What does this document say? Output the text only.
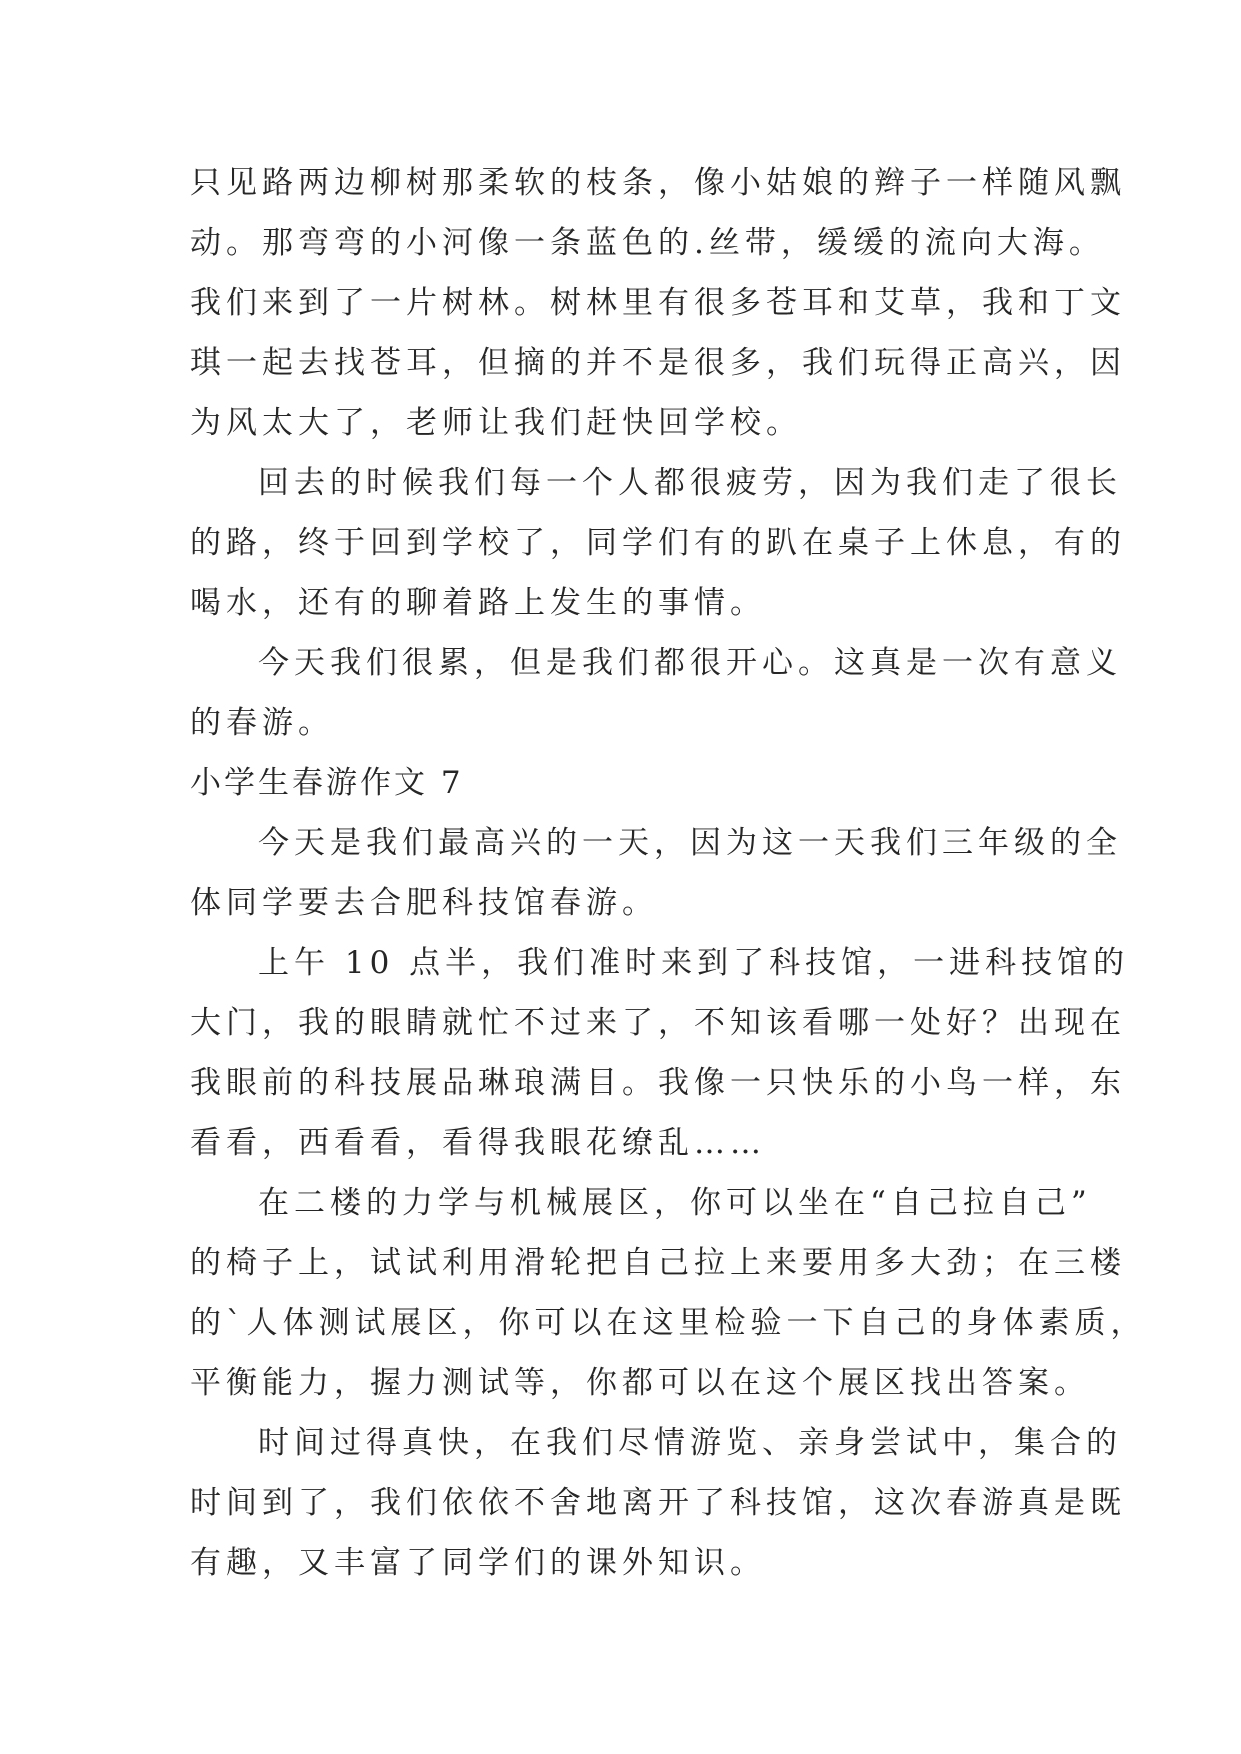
只见路两边柳树那柔软的枝条，像小姑娘的辫子一样随风飘
动。那弯弯的小河像一条蓝色的.丝带，缓缓的流向大海。
我们来到了一片树林。树林里有很多苍耳和艾草，我和丁文
琪一起去找苍耳，但摘的并不是很多，我们玩得正高兴，因
为风太大了，老师让我们赶快回学校。
回去的时候我们每一个人都很疲劳，因为我们走了很长
的路，终于回到学校了，同学们有的趴在桌子上休息，有的
喝水，还有的聊着路上发生的事情。
今天我们很累，但是我们都很开心。这真是一次有意义
的春游。
小学生春游作文 7
今天是我们最高兴的一天，因为这一天我们三年级的全
体同学要去合肥科技馆春游。
上午 10 点半，我们准时来到了科技馆，一进科技馆的
大门，我的眼睛就忙不过来了，不知该看哪一处好？出现在
我眼前的科技展品琳琅满目。我像一只快乐的小鸟一样，东
看看，西看看，看得我眼花缭乱……
在二楼的力学与机械展区，你可以坐在“自己拉自己”
的椅子上，试试利用滑轮把自己拉上来要用多大劲；在三楼
的`人体测试展区，你可以在这里检验一下自己的身体素质，
平衡能力，握力测试等，你都可以在这个展区找出答案。
时间过得真快，在我们尽情游览、亲身尝试中，集合的
时间到了，我们依依不舍地离开了科技馆，这次春游真是既
有趣，又丰富了同学们的课外知识。
